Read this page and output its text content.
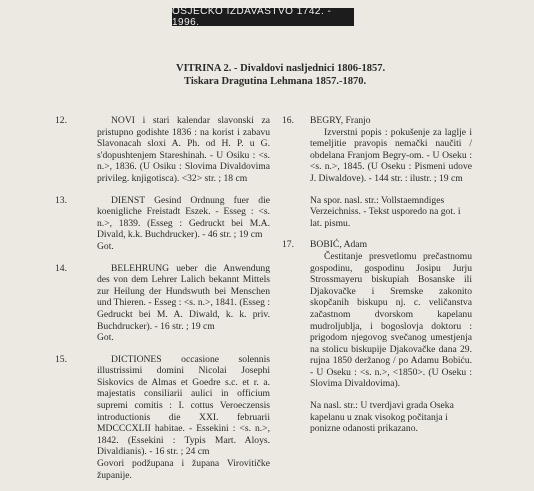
OSJEČKO IZDAVAŠTVO 1742. - 1996.
VITRINA 2. - Divaldovi nasljednici 1806-1857.
Tiskara Dragutina Lehmana 1857.-1870.
12.	NOVI i stari kalendar slavonski za pristupno godishte 1836 : na korist i zabavu Slavonacah sloxi A. Ph. od H. P. u G. s'dopushtenjem Stareshinah. - U Osiku : <s. n.>, 1836. (U Osiku : Slovima Divaldovima privileg. knjigotisca). <32> str. ; 18 cm

13.	DIENST Gesind Ordnung fuer die koenigliche Freistadt Eszek. - Esseg : <s. n.>, 1839. (Esseg : Gedruckt bei M.A. Divald, k.k. Buchdrucker). - 46 str. ; 19 cm

Got.

14.	BELEHRUNG ueber die Anwendung des von dem Lehrer Lalich bekannt Mittels zur Heilung der Hundswuth bei Menschen und Thieren. - Esseg : <s. n.>, 1841. (Esseg : Gedruckt bei M. A. Diwald, k. k. priv. Buchdrucker). - 16 str. ; 19 cm

Got.

15.	DICTIONES occasione solennis illustrissimi domini Nicolai Josephi Siskovics de Almas et Goedre s.c. et r. a. majestatis consiliarii aulici in officium supremi comitis : I. cottus Veroeczensis introductionis die XXI. februarii MDCCCXLII habitae. - Essekini : <s. n.>, 1842. (Essekini : Typis Mart. Aloys. Divaldianis). - 16 str. ; 24 cm

Govori podžupana i župana Virovitičke županije.

16.	BEGRY, Franjo

Izverstni popis : pokušenje za laglje i temeljitie pravopis nemački naučiti / obdelana Franjom Begry-om. - U Oseku : <s. n.>, 1845. (U Oseku : Pismeni udove J. Diwaldove). - 144 str. : ilustr. ; 19 cm

Na spor. nasl. str.: Vollstaemndiges Verzeichniss. - Tekst usporedo na got. i lat. pismu.

17.	BOBIĆ, Adam

Čestitanje presvetlomu prečastnomu gospodinu, gospodinu Josipu Jurju Strossmayeru biskupiah Bosanske ili Djakovačke i Sremske zakonito skopčanih biskupu nj. c. veličanstva začastnom dvorskom kapelanu mudroljublja, i bogoslovja doktoru : prigodom njegovog svečanog umestjenja na stolicu biskupije Djakovačke dana 29. rujna 1850 deržanog / po Adamu Bobiću. - U Oseku : <s. n.>, <1850>. (U Oseku : Slovima Divaldovima).

Na nasl. str.: U tverdjavi grada Oseka kapelanu u znak visokog počitanja i ponizne odanosti prikazano.
